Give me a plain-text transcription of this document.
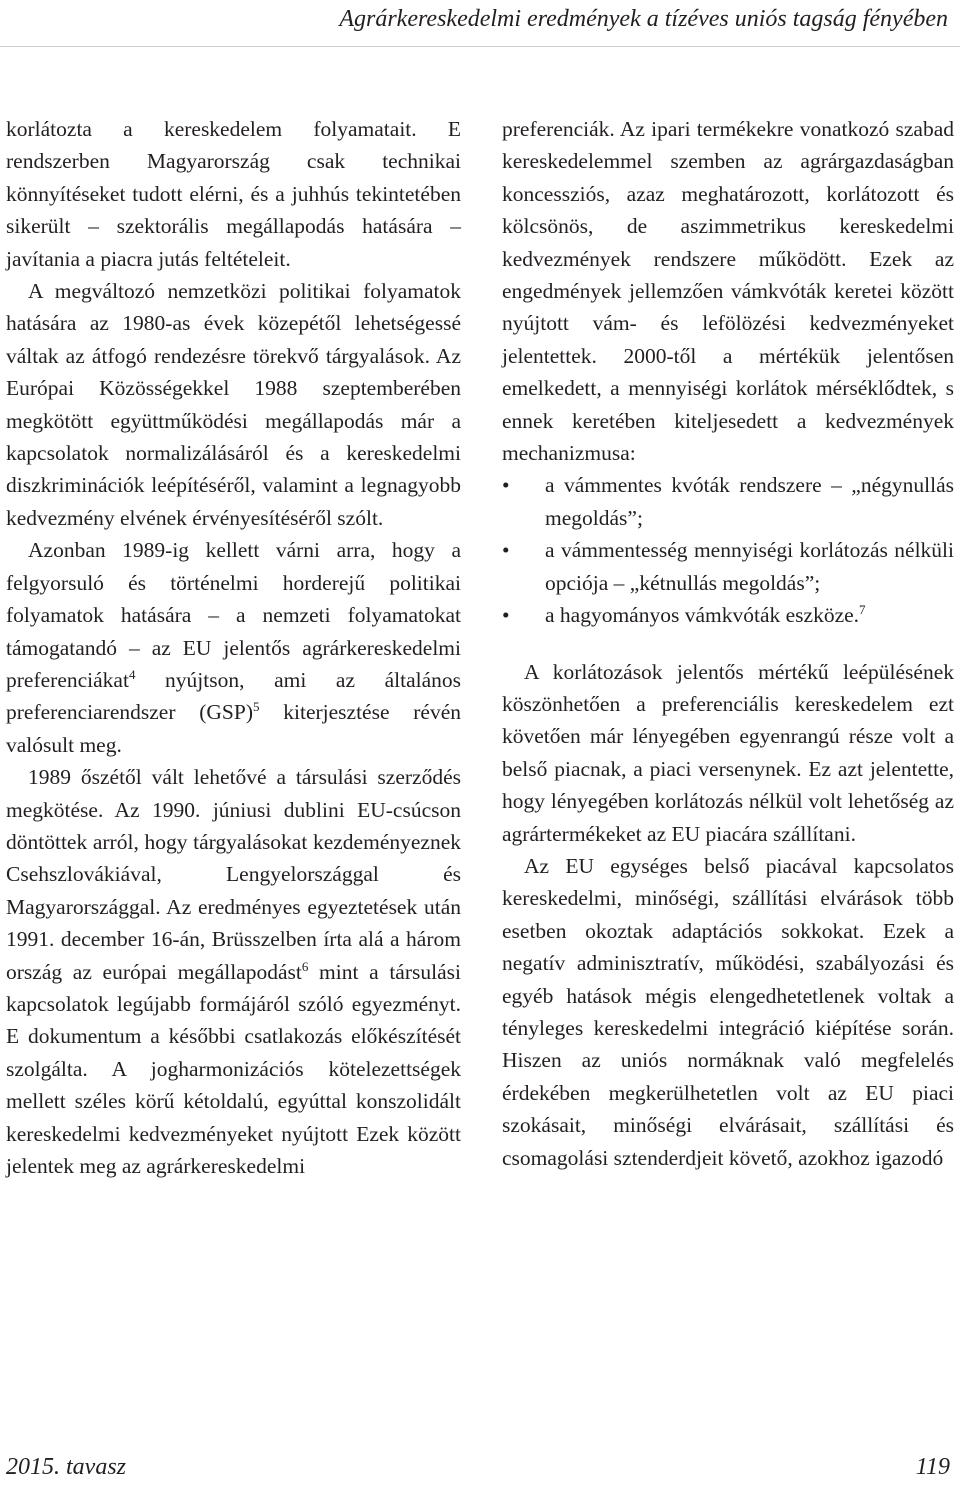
Agrárkereskedelmi eredmények a tízéves uniós tagság fényében

korlátozta a kereskedelem folyamatait. E rendszerben Magyarország csak technikai könnyítéseket tudott elérni, és a juhhús tekintetében sikerült – szektorális megállapodás hatására – javítania a piacra jutás feltételeit.

A megváltozó nemzetközi politikai folyamatok hatására az 1980-as évek közepétől lehetségessé váltak az átfogó rendezésre törekvő tárgyalások. Az Európai Közösségekkel 1988 szeptemberében megkötött együttműködési megállapodás már a kapcsolatok normalizálásáról és a kereskedelmi diszkriminációk leépítéséről, valamint a legnagyobb kedvezmény elvének érvényesítéséről szólt.

Azonban 1989-ig kellett várni arra, hogy a felgyorsuló és történelmi horderejű politikai folyamatok hatására – a nemzeti folyamatokat támogatandó – az EU jelentős agrárkereskedelmi preferenciákat$^4$ nyújtson, ami az általános preferenciarendszer (GSP)$^5$ kiterjesztése révén valósult meg.

1989 őszétől vált lehetővé a társulási szerződés megkötése. Az 1990. júniusi dublini EU-csúcson döntöttek arról, hogy tárgyalásokat kezdeményeznek Csehszlovákiával, Lengyelországgal és Magyarországgal. Az eredményes egyeztetések után 1991. december 16-án, Brüsszelben írta alá a három ország az európai megállapodást$^6$ mint a társulási kapcsolatok legújabb formájáról szóló egyezményt. E dokumentum a későbbi csatlakozás előkészítését szolgálta. A jogharmonizációs kötelezettségek mellett széles körű kétoldalú, egyúttal konszolidált kereskedelmi kedvezményeket nyújtott Ezek között jelentek meg az agrárkereskedelmi

preferenciák. Az ipari termékekre vonatkozó szabad kereskedelemmel szemben az agrárgazdaságban koncessziós, azaz meghatározott, korlátozott és kölcsönös, de aszimmetrikus kereskedelmi kedvezmények rendszere működött. Ezek az engedmények jellemzően vámkvóták keretei között nyújtott vám- és lefölözési kedvezményeket jelentettek. 2000-től a mértékük jelentősen emelkedett, a mennyiségi korlátok mérséklődtek, s ennek keretében kiteljesedett a kedvezmények mechanizmusa:

• a vámmentes kvóták rendszere – „négynullás megoldás”;
• a vámmentesség mennyiségi korlátozás nélküli opciója – „kétnullás megoldás”;
• a hagyományos vámkvóták eszköze.$^7$

A korlátozások jelentős mértékű leépülésének köszönhetően a preferenciális kereskedelem ezt követően már lényegében egyenrangú része volt a belső piacnak, a piaci versenynek. Ez azt jelentette, hogy lényegében korlátozás nélkül volt lehetőség az agrártermékeket az EU piacára szállítani.

Az EU egységes belső piacával kapcsolatos kereskedelmi, minőségi, szállítási elvárások több esetben okoztak adaptációs sokkokat. Ezek a negatív adminisztratív, működési, szabályozási és egyéb hatások mégis elengedhetetlenek voltak a tényleges kereskedelmi integráció kiépítése során. Hiszen az uniós normáknak való megfelelés érdekében megkerülhetetlen volt az EU piaci szokásait, minőségi elvárásait, szállítási és csomagolási sztenderdjeit követő, azokhoz igazodó

2015. tavasz	119
